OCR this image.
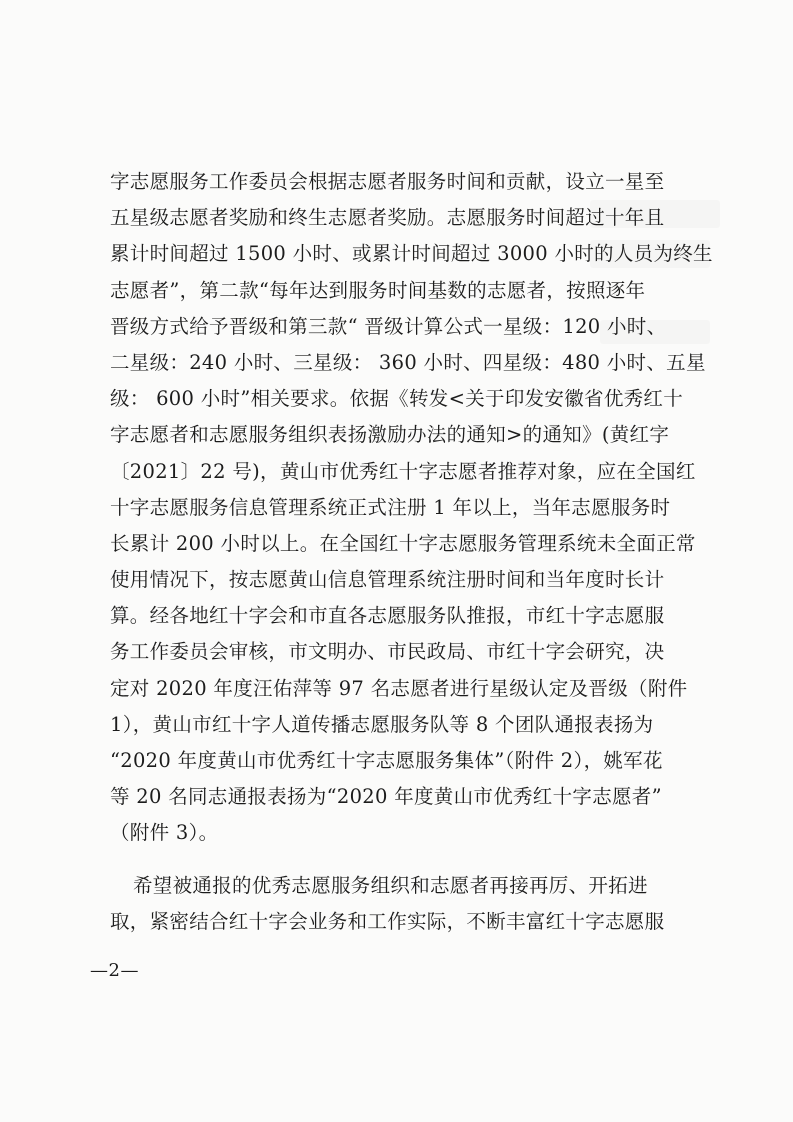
字志愿服务工作委员会根据志愿者服务时间和贡献，设立一星至
五星级志愿者奖励和终生志愿者奖励。志愿服务时间超过十年且
累计时间超过 1500 小时、或累计时间超过 3000 小时的人员为终生
志愿者”，第二款“每年达到服务时间基数的志愿者，按照逐年
晋级方式给予晋级和第三款“ 晋级计算公式一星级：120 小时、
二星级：240 小时、三星级： 360 小时、四星级：480 小时、五星
级： 600 小时”相关要求。依据《转发<关于印发安徽省优秀红十
字志愿者和志愿服务组织表扬激励办法的通知>的通知》(黄红字
〔2021〕22 号)，黄山市优秀红十字志愿者推荐对象，应在全国红
十字志愿服务信息管理系统正式注册 1 年以上，当年志愿服务时
长累计 200 小时以上。在全国红十字志愿服务管理系统未全面正常
使用情况下，按志愿黄山信息管理系统注册时间和当年度时长计
算。经各地红十字会和市直各志愿服务队推报，市红十字志愿服
务工作委员会审核，市文明办、市民政局、市红十字会研究，决
定对 2020 年度汪佑萍等 97 名志愿者进行星级认定及晋级（附件
1），黄山市红十字人道传播志愿服务队等 8 个团队通报表扬为
“2020 年度黄山市优秀红十字志愿服务集体”（附件 2），姚军花
等 20 名同志通报表扬为“2020 年度黄山市优秀红十字志愿者”
（附件 3）。
希望被通报的优秀志愿服务组织和志愿者再接再厉、开拓进
取，紧密结合红十字会业务和工作实际，不断丰富红十字志愿服
—2—
